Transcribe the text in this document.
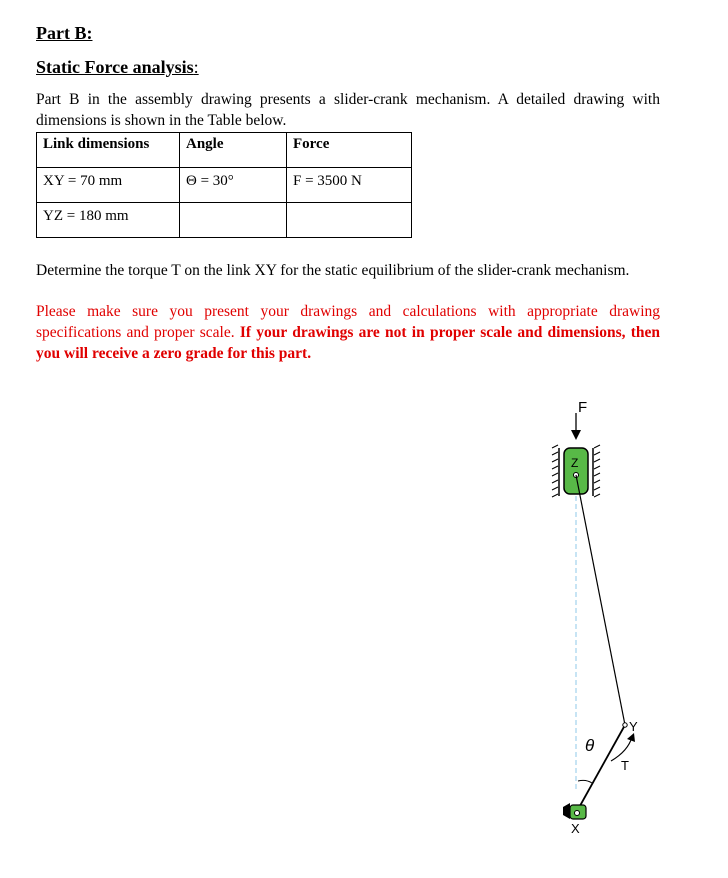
Part B:
Static Force analysis:
Part B in the assembly drawing presents a slider-crank mechanism. A detailed drawing with dimensions is shown in the Table below.
Link dimensions	Angle	Force
XY = 70 mm	Θ = 30°	F = 3500 N
YZ = 180 mm		
Determine the torque T on the link XY for the static equilibrium of the slider-crank mechanism.
Please make sure you present your drawings and calculations with appropriate drawing specifications and proper scale. If your drawings are not in proper scale and dimensions, then you will receive a zero grade for this part.
F
Z
Y
θ
T
X
